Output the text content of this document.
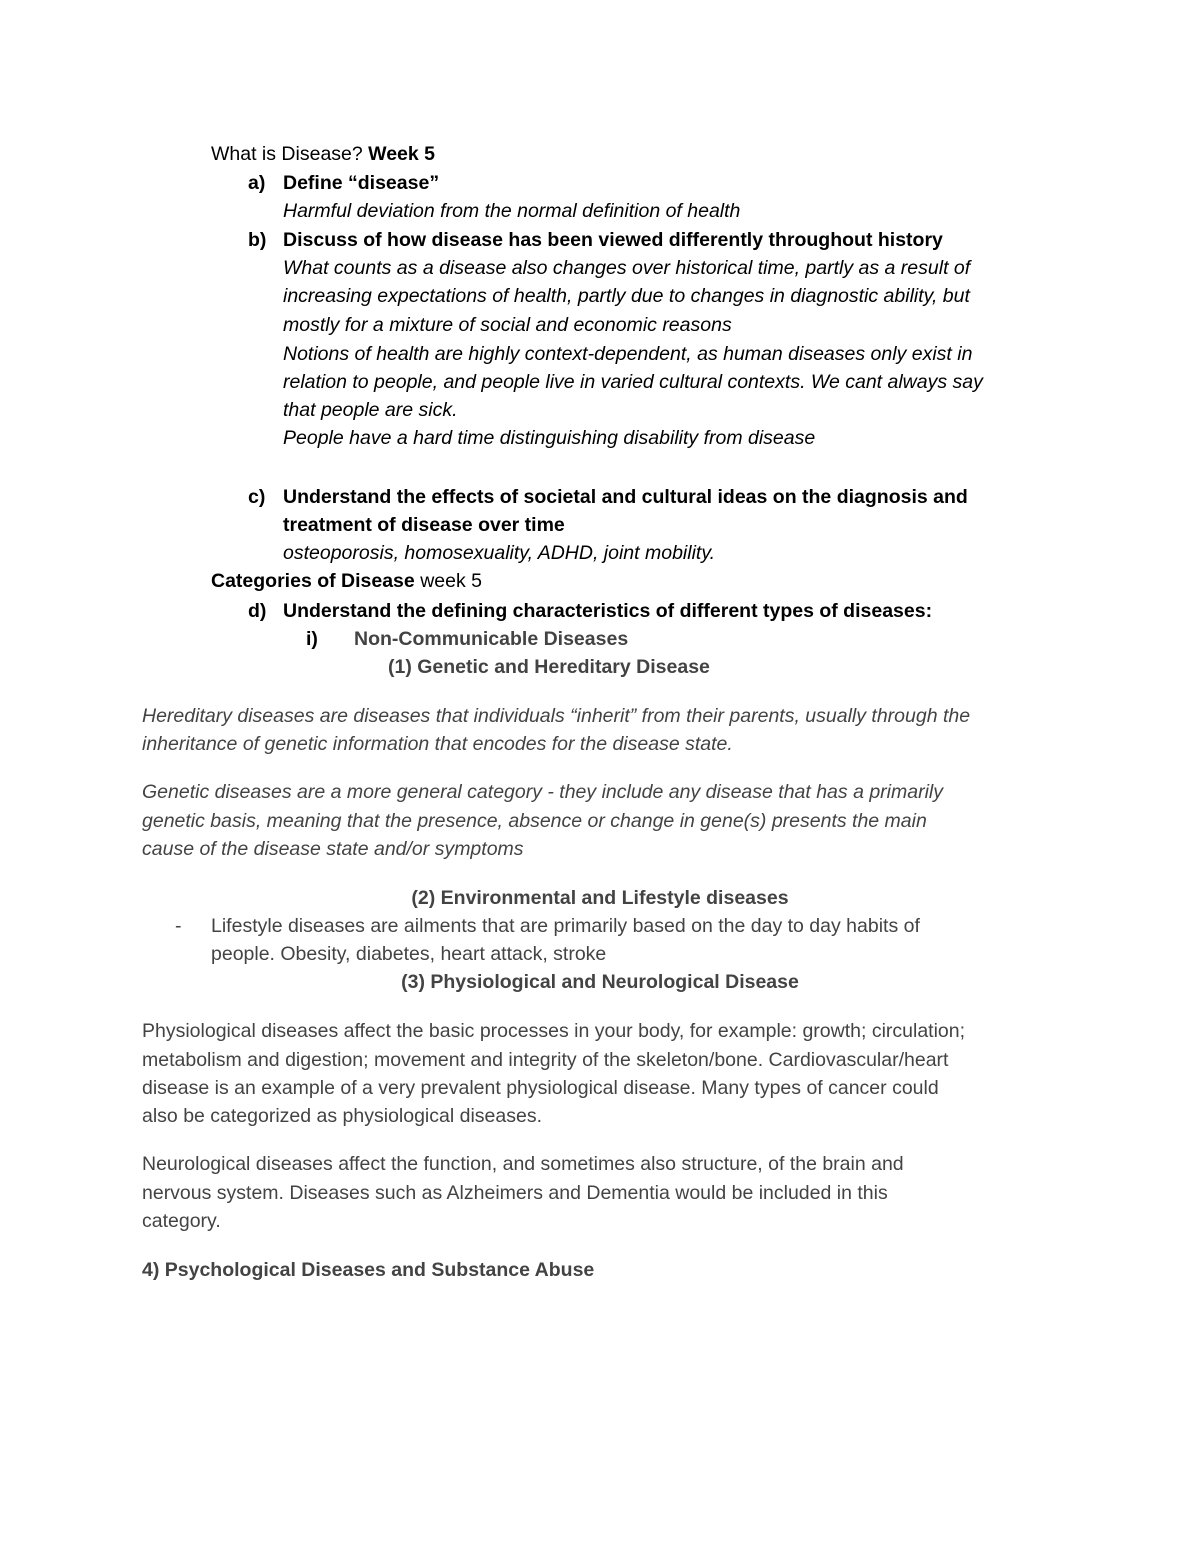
What is Disease? Week 5
a) Define “disease”
Harmful deviation from the normal definition of health
b) Discuss of how disease has been viewed differently throughout history
What counts as a disease also changes over historical time, partly as a result of
increasing expectations of health, partly due to changes in diagnostic ability, but
mostly for a mixture of social and economic reasons
Notions of health are highly context-dependent, as human diseases only exist in
relation to people, and people live in varied cultural contexts. We cant always say
that people are sick.
People have a hard time distinguishing disability from disease
c) Understand the effects of societal and cultural ideas on the diagnosis and
treatment of disease over time
osteoporosis, homosexuality, ADHD, joint mobility.
Categories of Disease week 5
d) Understand the defining characteristics of different types of diseases:
i) Non-Communicable Diseases
(1) Genetic and Hereditary Disease
Hereditary diseases are diseases that individuals “inherit” from their parents, usually through the
inheritance of genetic information that encodes for the disease state.
Genetic diseases are a more general category - they include any disease that has a primarily
genetic basis, meaning that the presence, absence or change in gene(s) presents the main
cause of the disease state and/or symptoms
(2) Environmental and Lifestyle diseases
- Lifestyle diseases are ailments that are primarily based on the day to day habits of
people. Obesity, diabetes, heart attack, stroke
(3) Physiological and Neurological Disease
Physiological diseases affect the basic processes in your body, for example: growth; circulation;
metabolism and digestion; movement and integrity of the skeleton/bone. Cardiovascular/heart
disease is an example of a very prevalent physiological disease. Many types of cancer could
also be categorized as physiological diseases.
Neurological diseases affect the function, and sometimes also structure, of the brain and
nervous system. Diseases such as Alzheimers and Dementia would be included in this
category.
4) Psychological Diseases and Substance Abuse
